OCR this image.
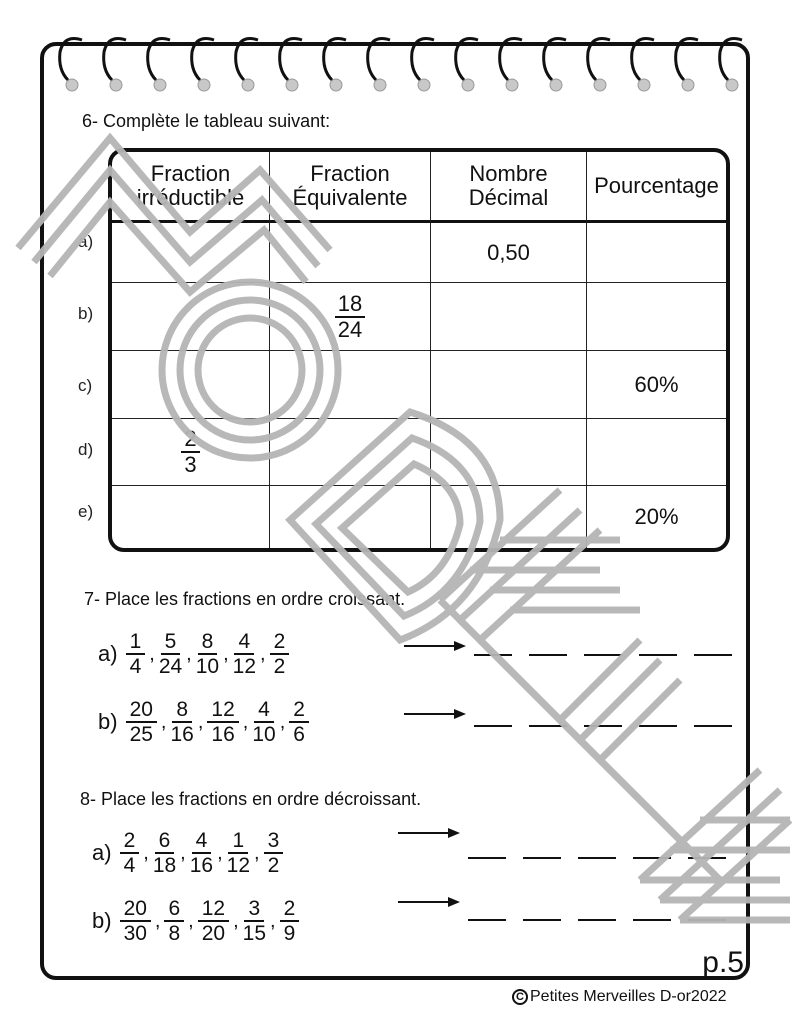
6- Complète le tableau suivant:
Fraction
irréductible
Fraction
Équivalente
Nombre
Décimal Pourcentage
0,50
$\frac{18}{24}$
60%
$\frac{2}{3}$
20%
a)
b)
c)
d)
e)
7- Place les fractions en ordre croissant.
$a) \frac{1}{4}$ , $\frac{5}{24}$ , $\frac{8}{10}$ , $\frac{4}{12}$ , $\frac{2}{2}$
$b) \frac{20}{25}$ , $\frac{8}{16}$ , $\frac{12}{16}$ , $\frac{4}{10}$ , $\frac{2}{6}$
8- Place les fractions en ordre décroissant.
$a) \frac{2}{4}$ , $\frac{6}{18}$ , $\frac{4}{16}$ , $\frac{1}{12}$ , $\frac{3}{2}$
$b) \frac{20}{30}$ , $\frac{6}{8}$ , $\frac{12}{20}$ , $\frac{3}{15}$ , $\frac{2}{9}$
p.5
C Petites Merveilles D-or2022
